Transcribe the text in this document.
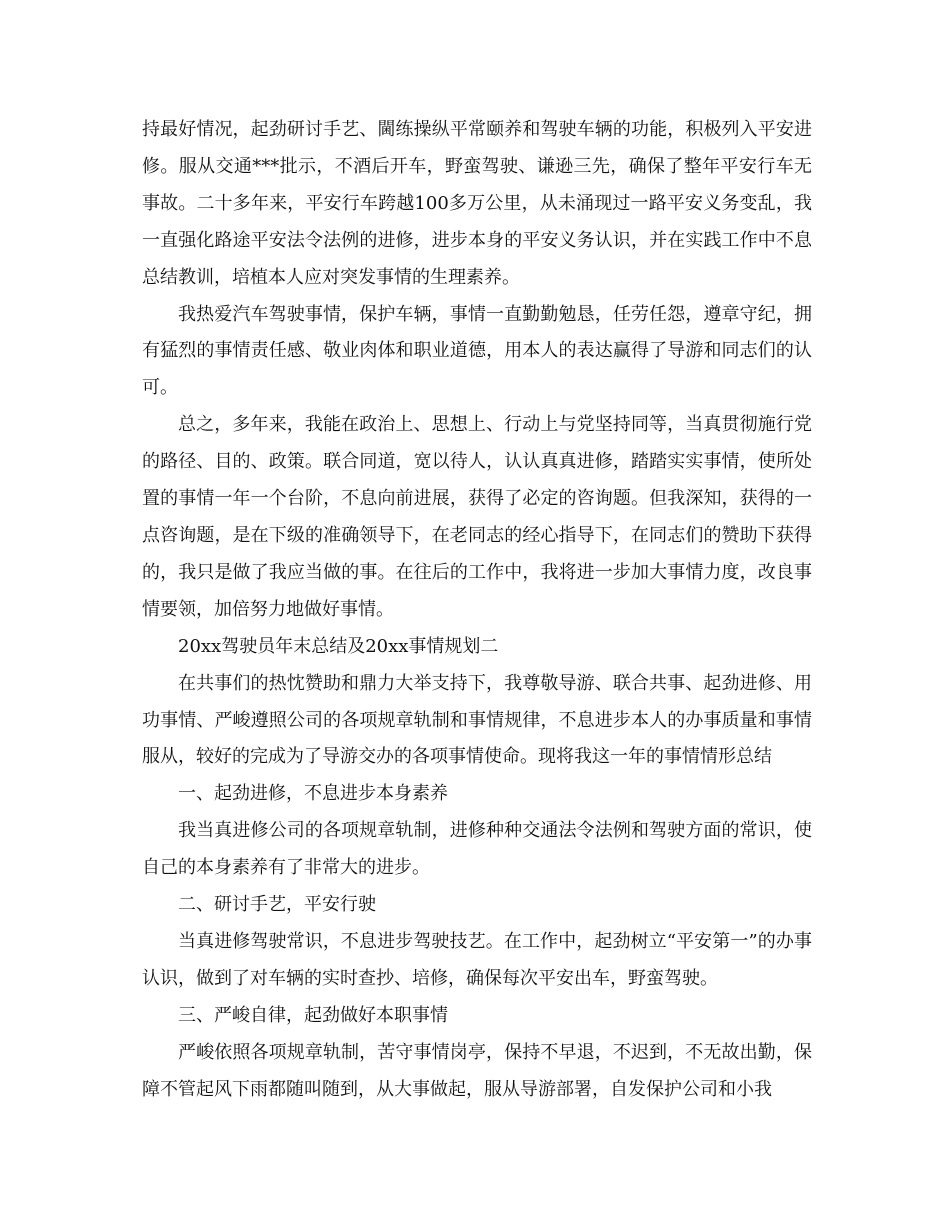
持最好情况，起劲研讨手艺、閫练操纵平常颐养和驾驶车辆的功能，积极列入平安进修。服从交通***批示，不酒后开车，野蛮驾驶、谦逊三先，确保了整年平安行车无事故。二十多年来，平安行车跨越100多万公里，从未涌现过一路平安义务变乱，我一直强化路途平安法令法例的进修，进步本身的平安义务认识，并在实践工作中不息总结教训，培植本人应对突发事情的生理素养。

我热爱汽车驾驶事情，保护车辆，事情一直勤勤勉恳，任劳任怨，遵章守纪，拥有猛烈的事情责任感、敬业肉体和职业道德，用本人的表达赢得了导游和同志们的认可。

总之，多年来，我能在政治上、思想上、行动上与党坚持同等，当真贯彻施行党的路径、目的、政策。联合同道，宽以待人，认认真真进修，踏踏实实事情，使所处置的事情一年一个台阶，不息向前进展，获得了必定的咨询题。但我深知，获得的一点咨询题，是在下级的准确领导下，在老同志的经心指导下，在同志们的赞助下获得的，我只是做了我应当做的事。在往后的工作中，我将进一步加大事情力度，改良事情要领，加倍努力地做好事情。

20xx驾驶员年末总结及20xx事情规划二

在共事们的热忱赞助和鼎力大举支持下，我尊敬导游、联合共事、起劲进修、用功事情、严峻遵照公司的各项规章轨制和事情规律，不息进步本人的办事质量和事情服从，较好的完成为了导游交办的各项事情使命。现将我这一年的事情情形总结

一、起劲进修，不息进步本身素养

我当真进修公司的各项规章轨制，进修种种交通法令法例和驾驶方面的常识，使自己的本身素养有了非常大的进步。

二、研讨手艺，平安行驶

当真进修驾驶常识，不息进步驾驶技艺。在工作中，起劲树立“平安第一”的办事认识，做到了对车辆的实时查抄、培修，确保每次平安出车，野蛮驾驶。

三、严峻自律，起劲做好本职事情

严峻依照各项规章轨制，苦守事情岗亭，保持不早退，不迟到，不无故出勤，保障不管起风下雨都随叫随到，从大事做起，服从导游部署，自发保护公司和小我
